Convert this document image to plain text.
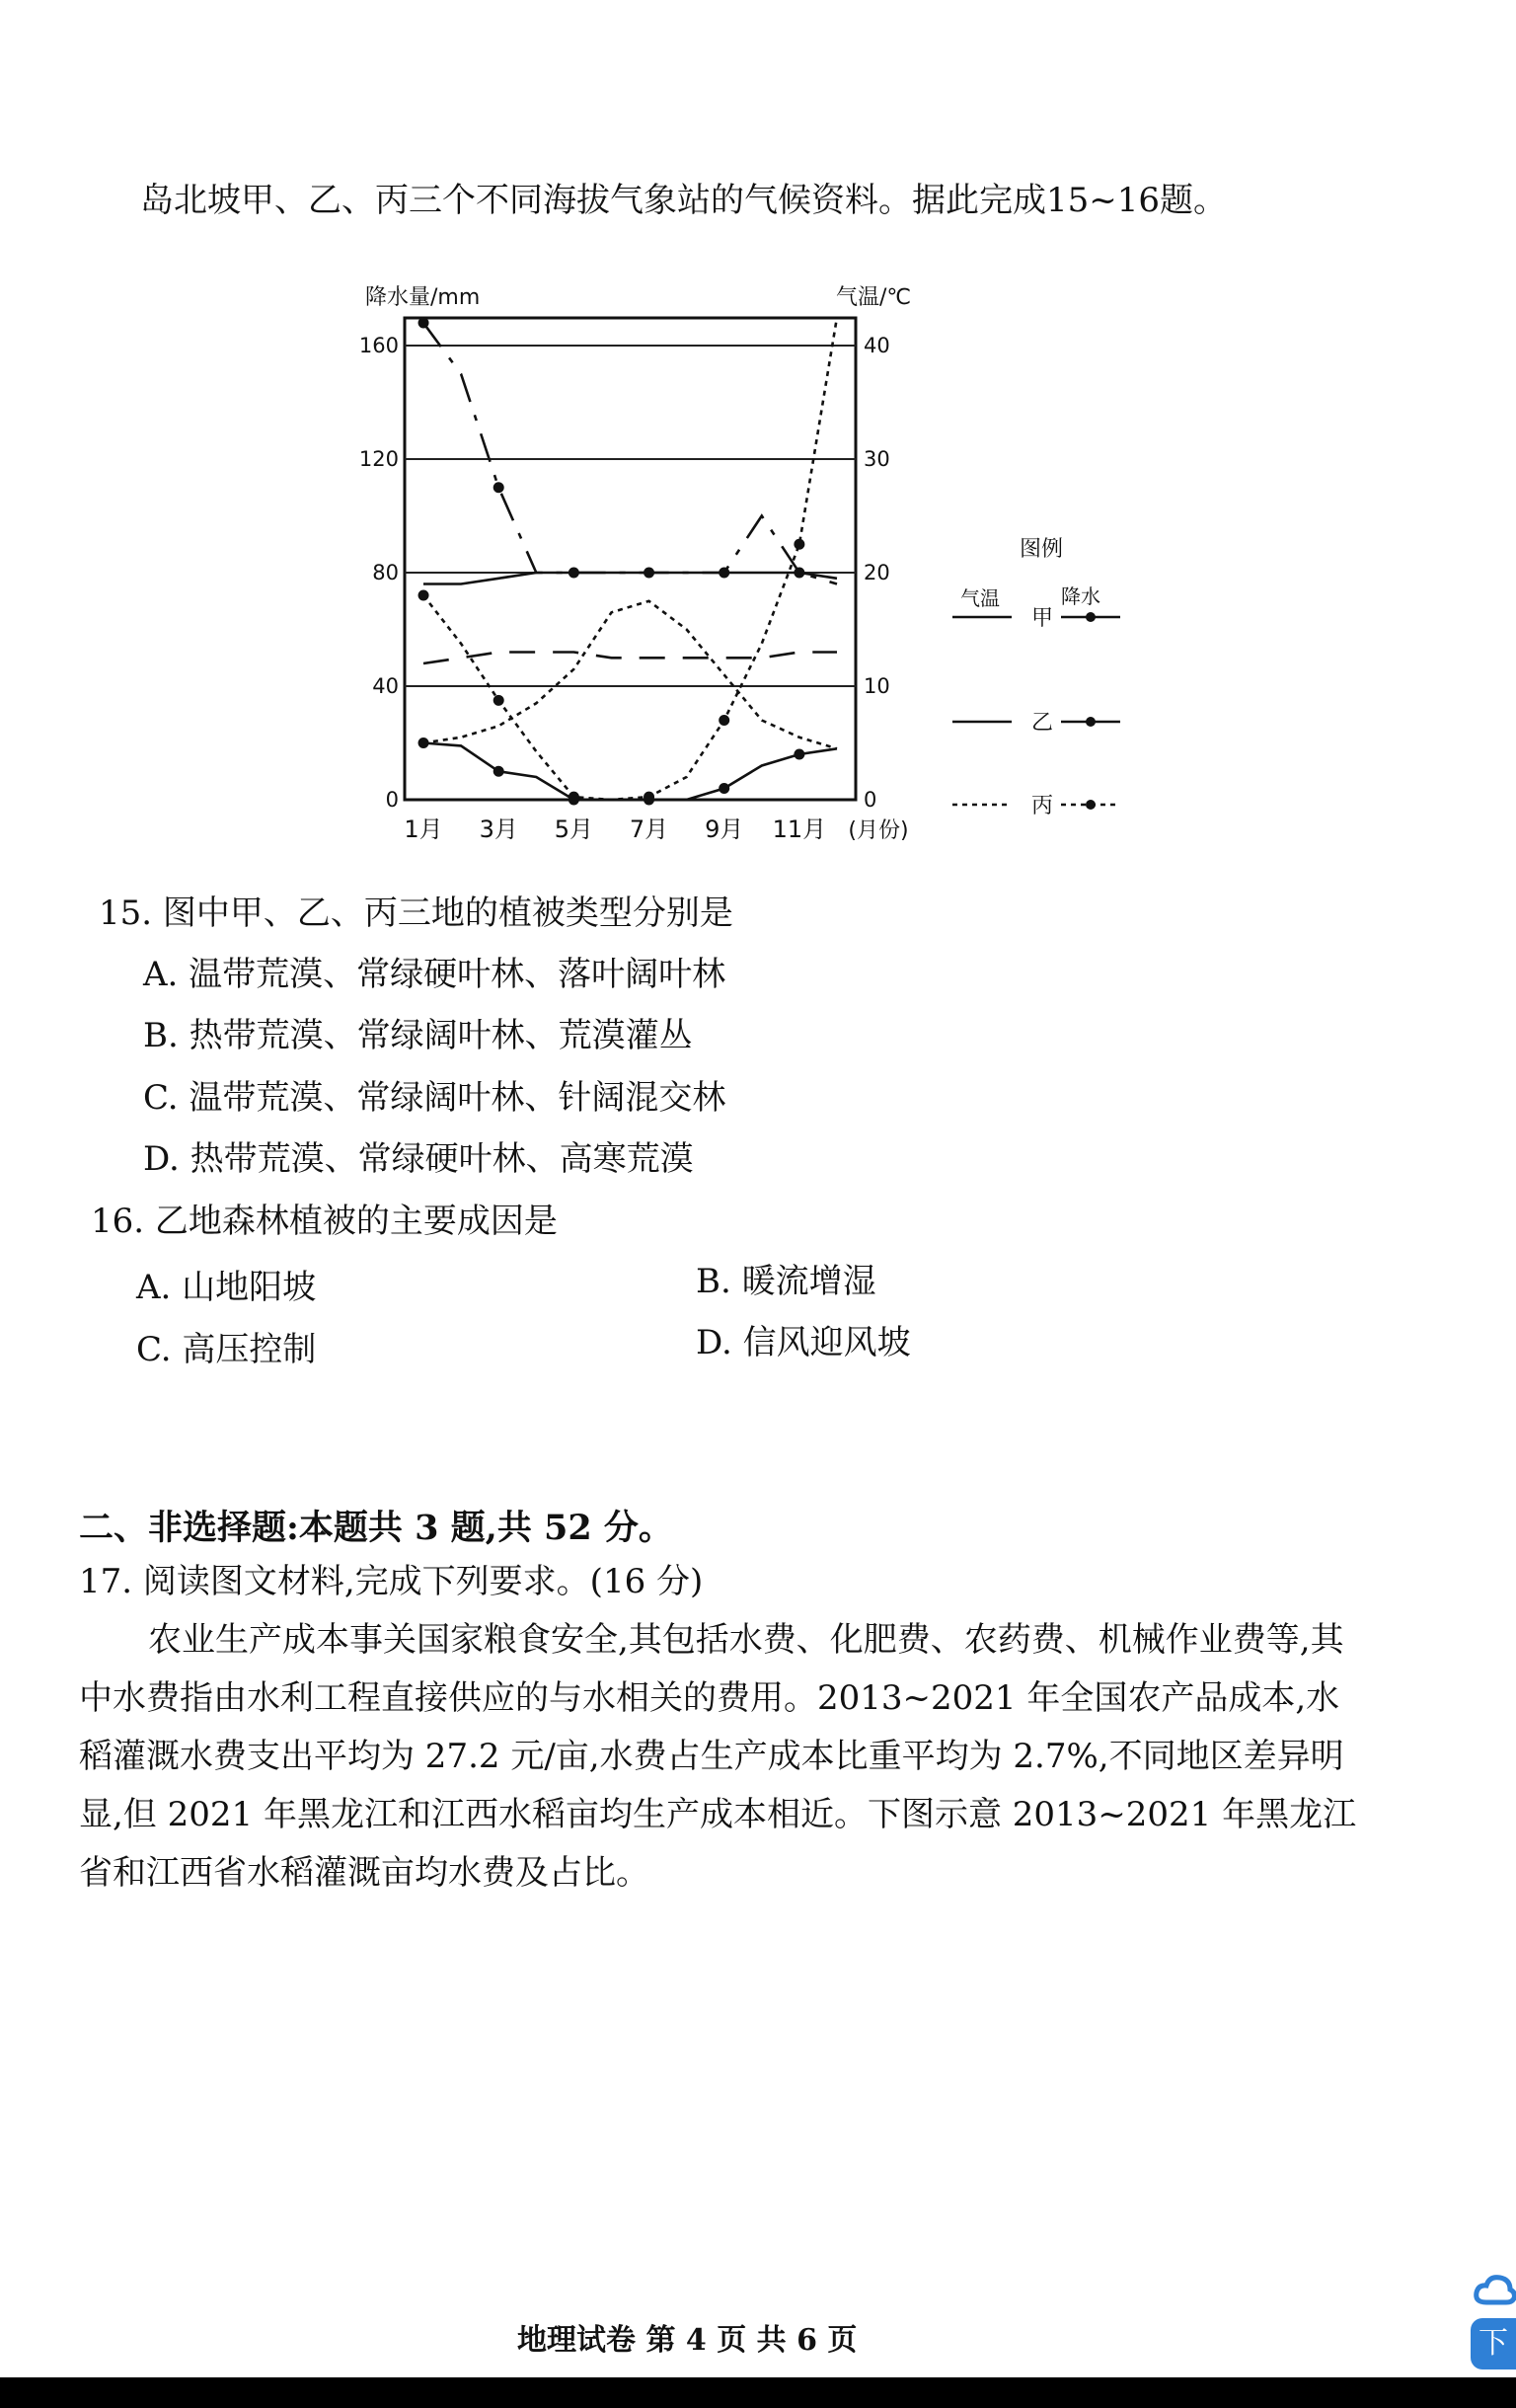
岛北坡甲、乙、丙三个不同海拔气象站的气候资料。据此完成15~16题。
降水量/mm	气温/℃
160
120
80
40
0
40
30
20
10
0
1月 3月 5月 7月 9月 11月 (月份)
图例
气温	降水
甲
乙
丙
15. 图中甲、乙、丙三地的植被类型分别是
A. 温带荒漠、常绿硬叶林、落叶阔叶林
B. 热带荒漠、常绿阔叶林、荒漠灌丛
C. 温带荒漠、常绿阔叶林、针阔混交林
D. 热带荒漠、常绿硬叶林、高寒荒漠
16. 乙地森林植被的主要成因是
A. 山地阳坡	B. 暖流增湿
C. 高压控制	D. 信风迎风坡
二、非选择题:本题共 3 题,共 52 分。
17. 阅读图文材料,完成下列要求。(16 分)
农业生产成本事关国家粮食安全,其包括水费、化肥费、农药费、机械作业费等,其中水费指由水利工程直接供应的与水相关的费用。2013~2021 年全国农产品成本,水稻灌溉水费支出平均为 27.2 元/亩,水费占生产成本比重平均为 2.7%,不同地区差异明显,但 2021 年黑龙江和江西水稻亩均生产成本相近。下图示意 2013~2021 年黑龙江省和江西省水稻灌溉亩均水费及占比。
地理试卷 第 4 页 共 6 页	下
